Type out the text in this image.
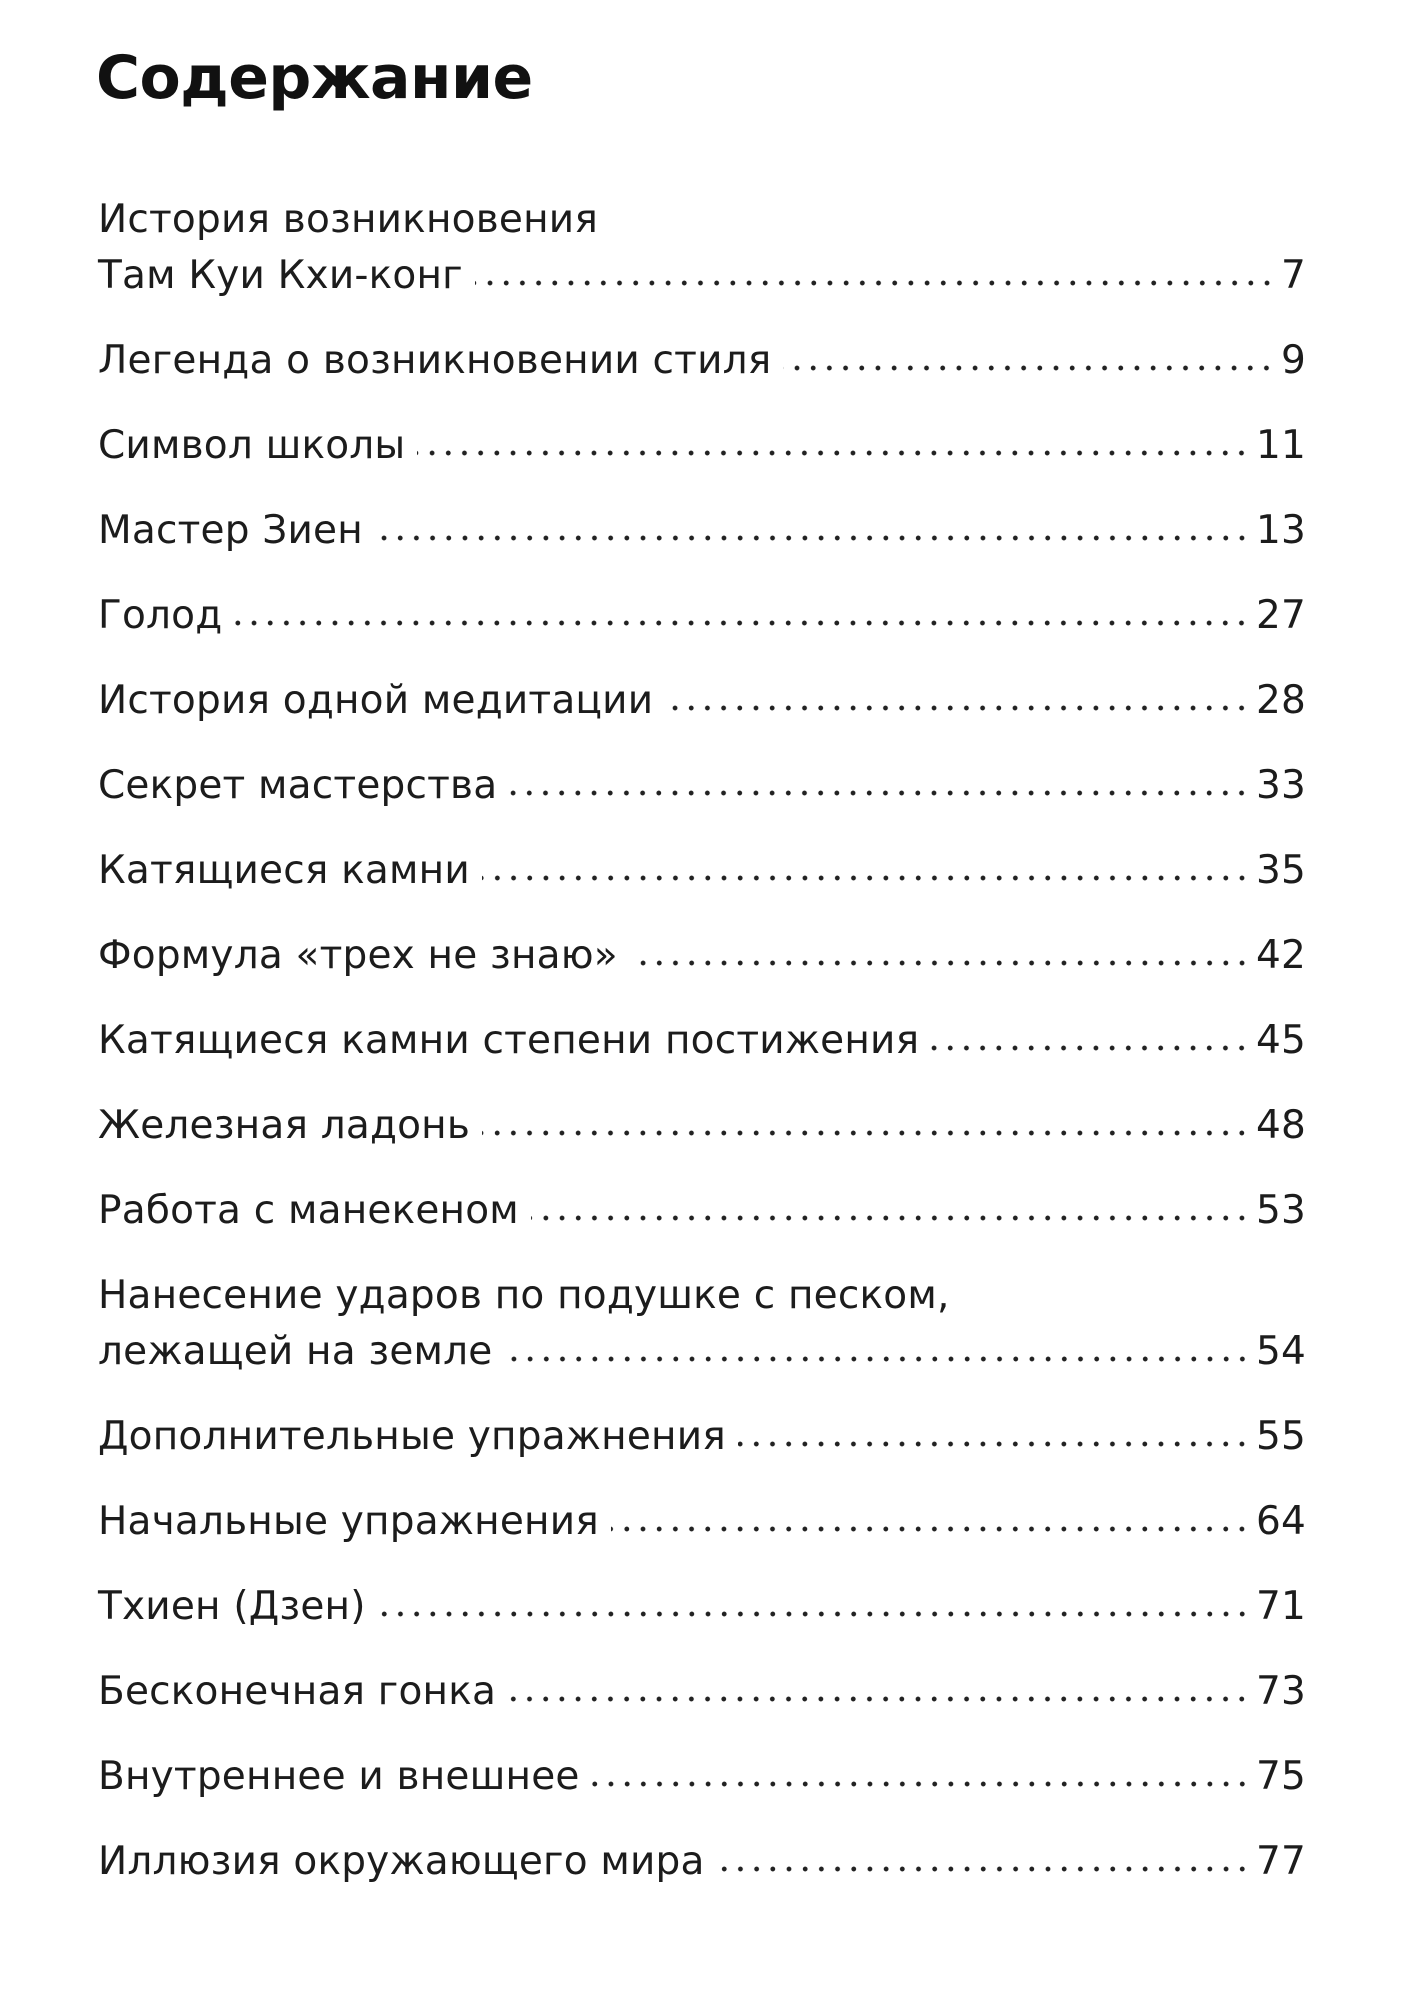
Содержание
История возникновения
Там Куи Кхи-конг	7
Легенда о возникновении стиля	9
Символ школы	11
Мастер Зиен	13
Голод	27
История одной медитации	28
Секрет мастерства	33
Катящиеся камни	35
Формула «трех не знаю»	42
Катящиеся камни степени постижения	45
Железная ладонь	48
Работа с манекеном	53
Нанесение ударов по подушке с песком,
лежащей на земле	54
Дополнительные упражнения	55
Начальные упражнения	64
Тхиен (Дзен)	71
Бесконечная гонка	73
Внутреннее и внешнее	75
Иллюзия окружающего мира	77
